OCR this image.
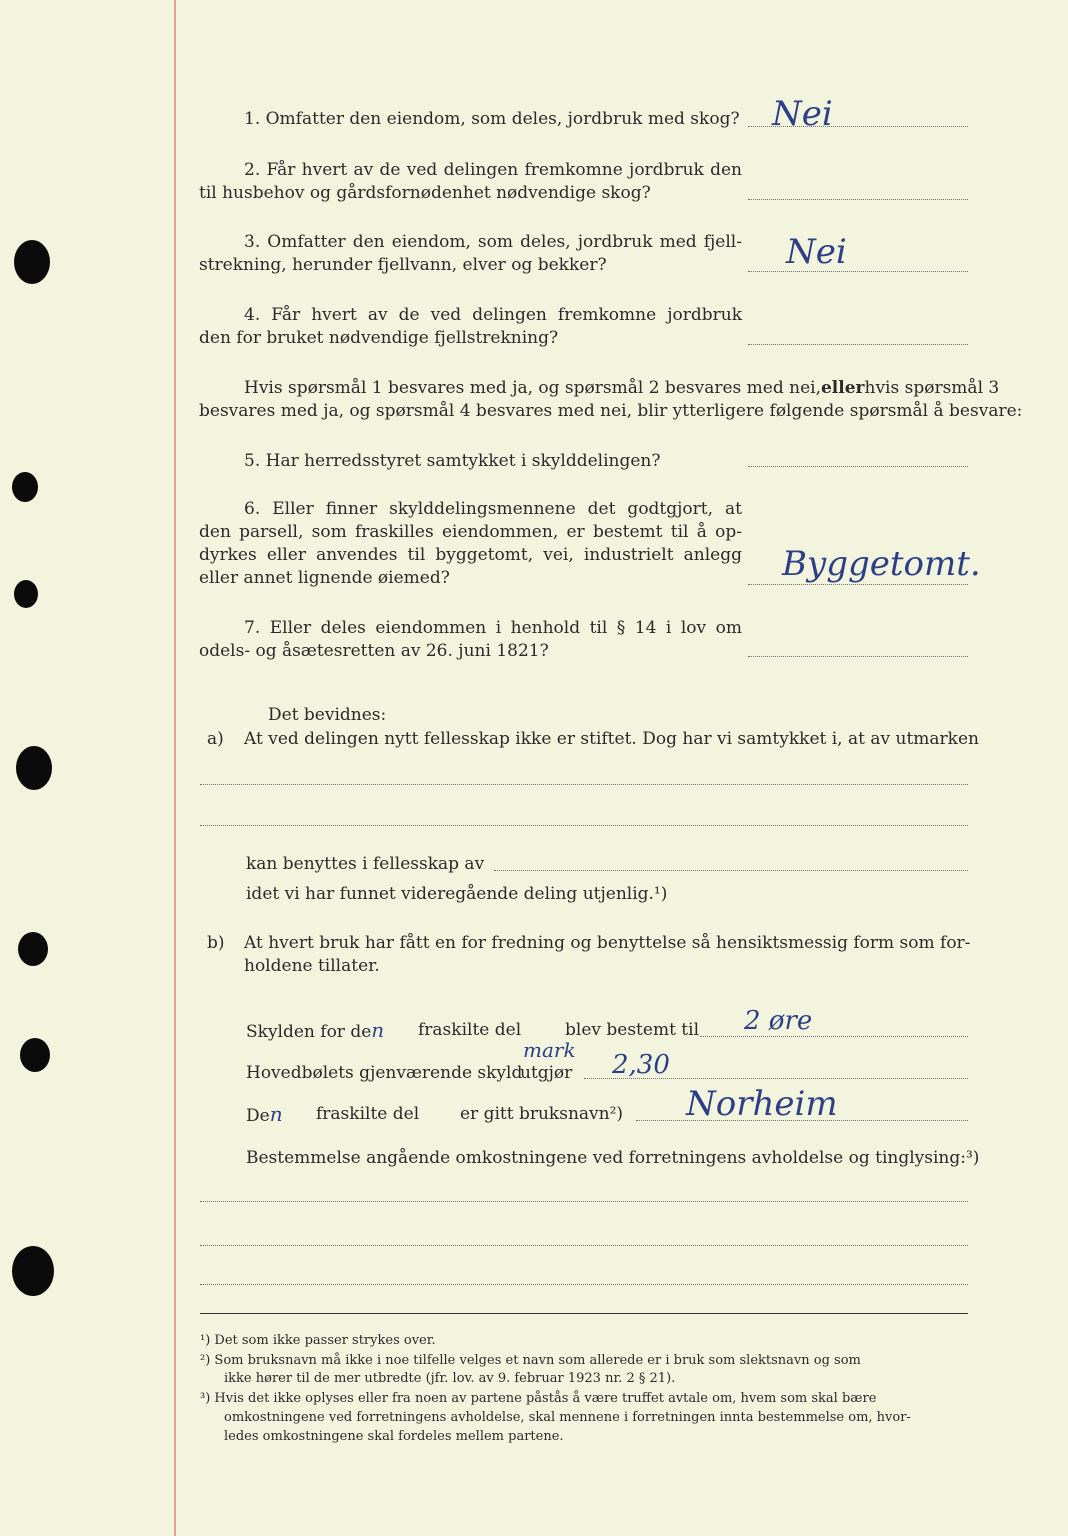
1. Omfatter den eiendom, som deles, jordbruk med skog? Nei
2. Får hvert av de ved delingen fremkomne jordbruk den
til husbehov og gårdsfornødenhet nødvendige skog?
3. Omfatter den eiendom, som deles, jordbruk med fjell-
strekning, herunder fjellvann, elver og bekker?	Nei
4. Får hvert av de ved delingen fremkomne jordbruk
den for bruket nødvendige fjellstrekning?
Hvis spørsmål 1 besvares med ja, og spørsmål 2 besvares med nei, eller hvis spørsmål 3
besvares med ja, og spørsmål 4 besvares med nei, blir ytterligere følgende spørsmål å besvare:
5. Har herredsstyret samtykket i skylddelingen?
6. Eller finner skylddelingsmennene det godtgjort, at
den parsell, som fraskilles eiendommen, er bestemt til å op-
dyrkes eller anvendes til byggetomt, vei, industrielt anlegg
eller annet lignende øiemed?	Byggetomt.
7. Eller deles eiendommen i henhold til § 14 i lov om
odels- og åsætesretten av 26. juni 1821?
Det bevidnes:
a) At ved delingen nytt fellesskap ikke er stiftet. Dog har vi samtykket i, at av utmarken
kan benyttes i fellesskap av
idet vi har funnet videregående deling utjenlig.¹)
b) At hvert bruk har fått en for fredning og benyttelse så hensiktsmessig form som for-
holdene tillater.
Skylden for den fraskilte del	blev bestemt til 2 øre
Hovedbølets gjenværende skyld
mark
utgjør 2,30
Den fraskilte del er gitt bruksnavn²) Norheim
Bestemmelse angående omkostningene ved forretningens avholdelse og tinglysing:³)
¹) Det som ikke passer strykes over.
²) Som bruksnavn må ikke i noe tilfelle velges et navn som allerede er i bruk som slektsnavn og som
ikke hører til de mer utbredte (jfr. lov. av 9. februar 1923 nr. 2 § 21).
³) Hvis det ikke oplyses eller fra noen av partene påstås å være truffet avtale om, hvem som skal bære
omkostningene ved forretningens avholdelse, skal mennene i forretningen innta bestemmelse om, hvor-
ledes omkostningene skal fordeles mellem partene.
